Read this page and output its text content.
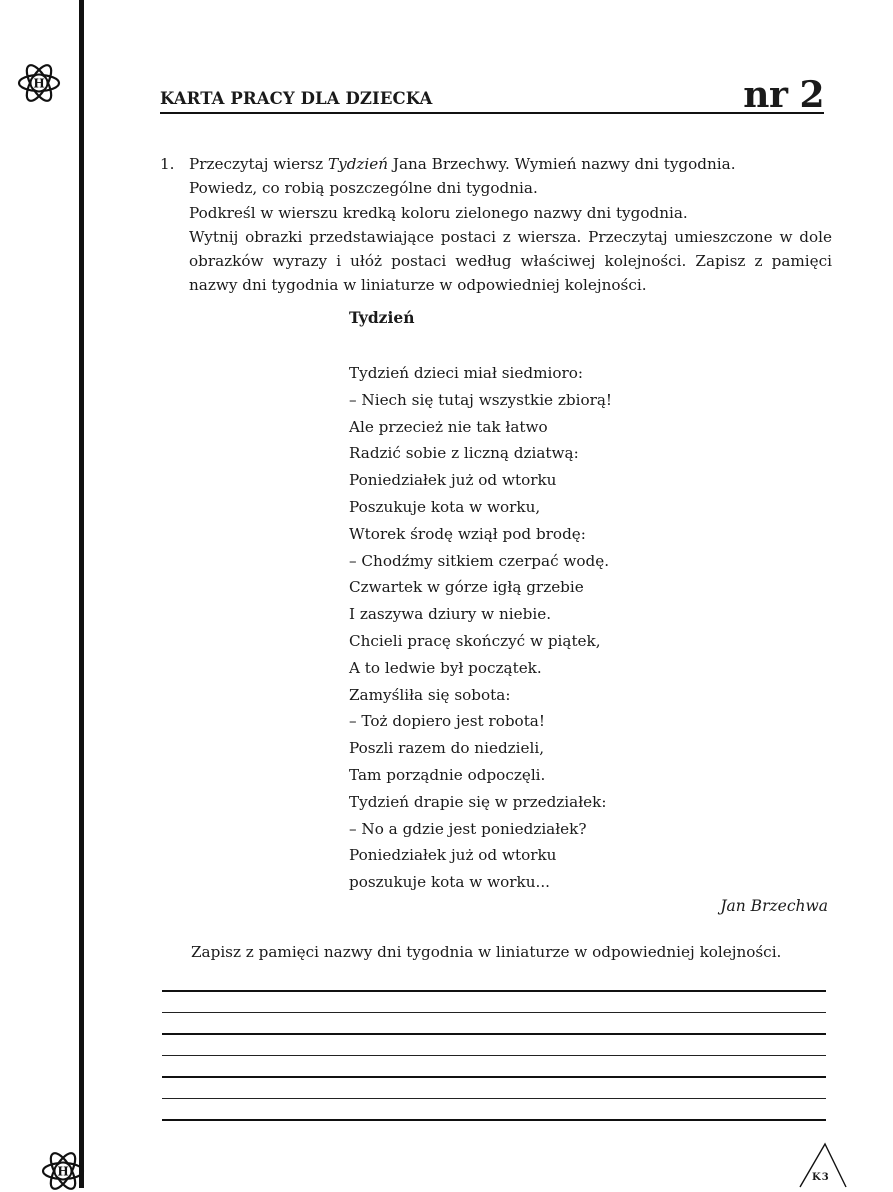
H
KARTA PRACY DLA DZIECKA	nr 2
1. Przeczytaj wiersz Tydzień Jana Brzechwy. Wymień nazwy dni tygodnia.
Powiedz, co robią poszczególne dni tygodnia.
Podkreśl w wierszu kredką koloru zielonego nazwy dni tygodnia.
Wytnij obrazki przedstawiające postaci z wiersza. Przeczytaj umieszczone w dole
obrazków wyrazy i ułóż postaci według właściwej kolejności. Zapisz z pamięci
nazwy dni tygodnia w liniaturze w odpowiedniej kolejności.
Tydzień
Tydzień dzieci miał siedmioro:
– Niech się tutaj wszystkie zbiorą!
Ale przecież nie tak łatwo
Radzić sobie z liczną dziatwą:
Poniedziałek już od wtorku
Poszukuje kota w worku,
Wtorek środę wziął pod brodę:
– Chodźmy sitkiem czerpać wodę.
Czwartek w górze igłą grzebie
I zaszywa dziury w niebie.
Chcieli pracę skończyć w piątek,
A to ledwie był początek.
Zamyśliła się sobota:
– Toż dopiero jest robota!
Poszli razem do niedzieli,
Tam porządnie odpoczęli.
Tydzień drapie się w przedziałek:
– No a gdzie jest poniedziałek?
Poniedziałek już od wtorku
poszukuje kota w worku...
Jan Brzechwa
Zapisz z pamięci nazwy dni tygodnia w liniaturze w odpowiedniej kolejności.
H	K3
